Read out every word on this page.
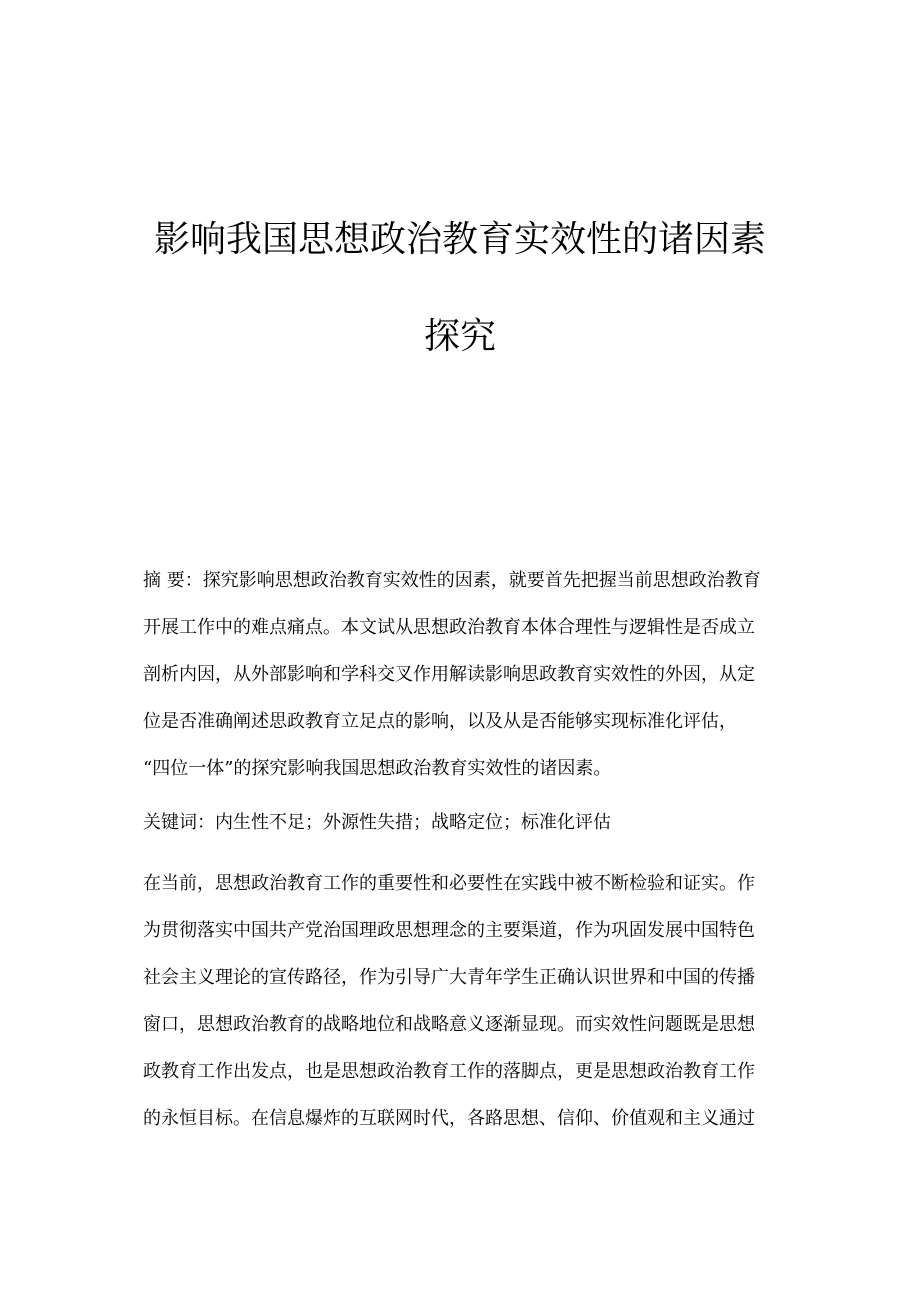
影响我国思想政治教育实效性的诸因素
探究
摘 要：探究影响思想政治教育实效性的因素，就要首先把握当前思想政治教育
开展工作中的难点痛点。本文试从思想政治教育本体合理性与逻辑性是否成立
剖析内因，从外部影响和学科交叉作用解读影响思政教育实效性的外因，从定
位是否准确阐述思政教育立足点的影响，以及从是否能够实现标准化评估，
“四位一体”的探究影响我国思想政治教育实效性的诸因素。
关键词：内生性不足；外源性失措；战略定位；标准化评估
在当前，思想政治教育工作的重要性和必要性在实践中被不断检验和证实。作
为贯彻落实中国共产党治国理政思想理念的主要渠道，作为巩固发展中国特色
社会主义理论的宣传路径，作为引导广大青年学生正确认识世界和中国的传播
窗口，思想政治教育的战略地位和战略意义逐渐显现。而实效性问题既是思想
政教育工作出发点，也是思想政治教育工作的落脚点，更是思想政治教育工作
的永恒目标。在信息爆炸的互联网时代，各路思想、信仰、价值观和主义通过
